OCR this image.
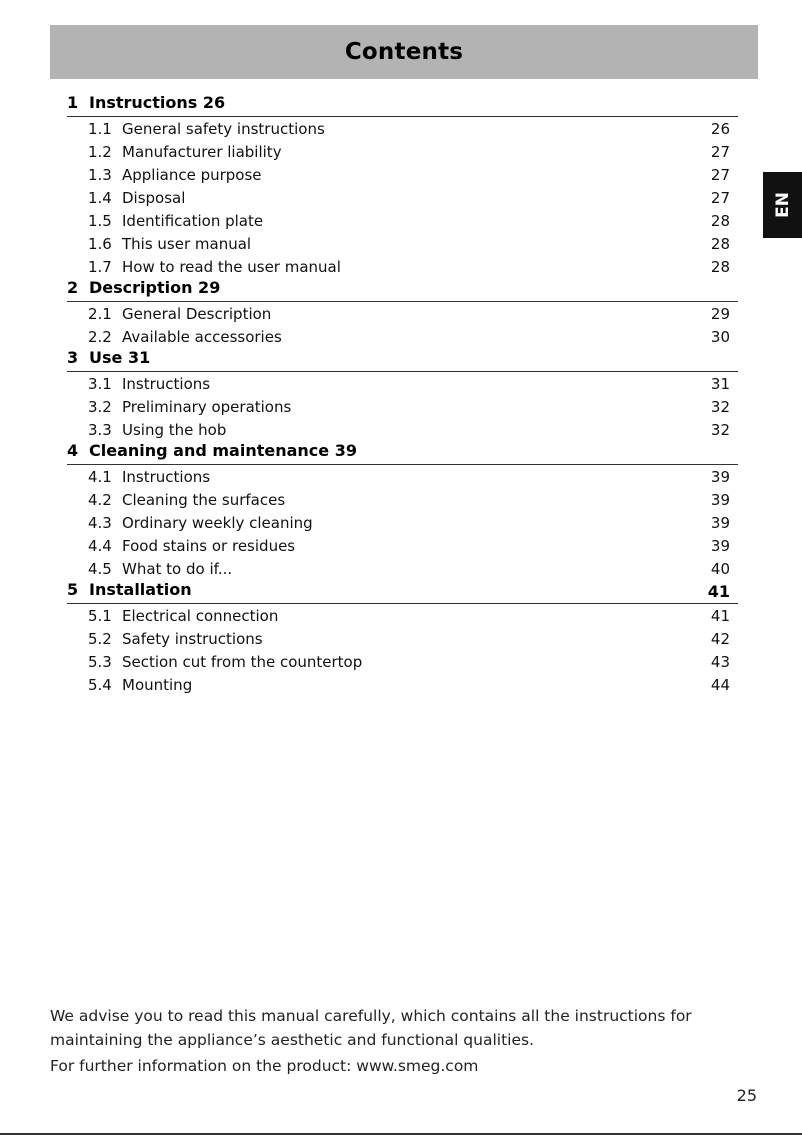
Contents
EN
1 Instructions 26
1.1 General safety instructions	26
1.2 Manufacturer liability	27
1.3 Appliance purpose	27
1.4 Disposal	27
1.5 Identification plate	28
1.6 This user manual	28
1.7 How to read the user manual	28
2 Description 29
2.1 General Description	29
2.2 Available accessories	30
3 Use 31
3.1 Instructions	31
3.2 Preliminary operations	32
3.3 Using the hob	32
4 Cleaning and maintenance 39
4.1 Instructions	39
4.2 Cleaning the surfaces	39
4.3 Ordinary weekly cleaning	39
4.4 Food stains or residues	39
4.5 What to do if...	40
5 Installation	41
5.1 Electrical connection	41
5.2 Safety instructions	42
5.3 Section cut from the countertop	43
5.4 Mounting	44

We advise you to read this manual carefully, which contains all the instructions for maintaining the appliance’s aesthetic and functional qualities.

For further information on the product: www.smeg.com

25
